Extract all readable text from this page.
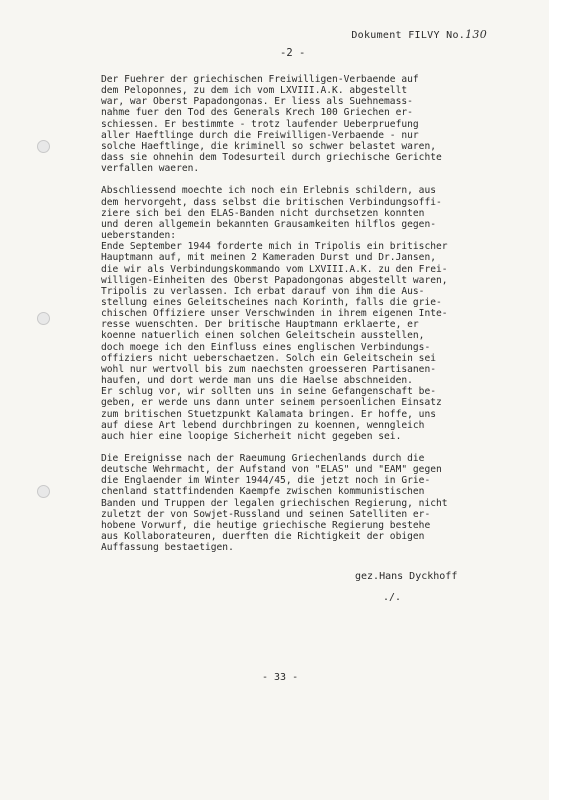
Dokument FILVY No.130
-2 -

Der Fuehrer der griechischen Freiwilligen-Verbaende auf

dem Peloponnes, zu dem ich vom LXVIII.A.K. abgestellt

war, war Oberst Papadongonas. Er liess als Suehnemass-

nahme fuer den Tod des Generals Krech 100 Griechen er-

schiessen. Er bestimmte - trotz laufender Ueberpruefung

aller Haeftlinge durch die Freiwilligen-Verbaende - nur

solche Haeftlinge, die kriminell so schwer belastet waren,

dass sie ohnehin dem Todesurteil durch griechische Gerichte

verfallen waeren.

Abschliessend moechte ich noch ein Erlebnis schildern, aus

dem hervorgeht, dass selbst die britischen Verbindungsoffi-

ziere sich bei den ELAS-Banden nicht durchsetzen konnten

und deren allgemein bekannten Grausamkeiten hilflos gegen-

ueberstanden:

Ende September 1944 forderte mich in Tripolis ein britischer

Hauptmann auf, mit meinen 2 Kameraden Durst und Dr.Jansen,

die wir als Verbindungskommando vom LXVIII.A.K. zu den Frei-

willigen-Einheiten des Oberst Papadongonas abgestellt waren,

Tripolis zu verlassen. Ich erbat darauf von ihm die Aus-

stellung eines Geleitscheines nach Korinth, falls die grie-

chischen Offiziere unser Verschwinden in ihrem eigenen Inte-

resse wuenschten. Der britische Hauptmann erklaerte, er

koenne natuerlich einen solchen Geleitschein ausstellen,

doch moege ich den Einfluss eines englischen Verbindungs-

offiziers nicht ueberschaetzen. Solch ein Geleitschein sei

wohl nur wertvoll bis zum naechsten groesseren Partisanen-

haufen, und dort werde man uns die Haelse abschneiden.

Er schlug vor, wir sollten uns in seine Gefangenschaft be-

geben, er werde uns dann unter seinem persoenlichen Einsatz

zum britischen Stuetzpunkt Kalamata bringen. Er hoffe, uns

auf diese Art lebend durchbringen zu koennen, wenngleich

auch hier eine loopige Sicherheit nicht gegeben sei.

Die Ereignisse nach der Raeumung Griechenlands durch die

deutsche Wehrmacht, der Aufstand von "ELAS" und "EAM" gegen

die Englaender im Winter 1944/45, die jetzt noch in Grie-

chenland stattfindenden Kaempfe zwischen kommunistischen

Banden und Truppen der legalen griechischen Regierung, nicht

zuletzt der von Sowjet-Russland und seinen Satelliten er-

hobene Vorwurf, die heutige griechische Regierung bestehe

aus Kollaborateuren, duerften die Richtigkeit der obigen

Auffassung bestaetigen.

gez.Hans Dyckhoff
./.
- 33 -
